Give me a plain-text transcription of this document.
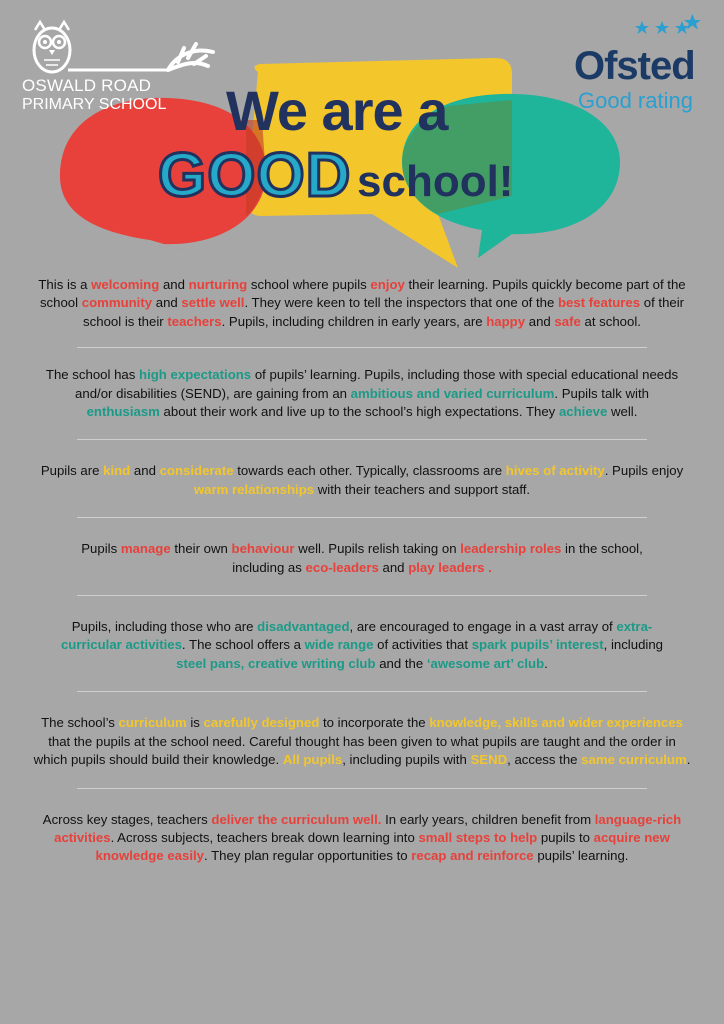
OSWALD ROAD
PRIMARY SCHOOL
Ofsted
Good rating
We are a
GOOD school!

This is a welcoming and nurturing school where pupils enjoy their learning. Pupils quickly become part of the school community and settle well. They were keen to tell the inspectors that one of the best features of their school is their teachers. Pupils, including children in early years, are happy and safe at school.

The school has high expectations of pupils’ learning. Pupils, including those with special educational needs and/or disabilities (SEND), are gaining from an ambitious and varied curriculum. Pupils talk with enthusiasm about their work and live up to the school’s high expectations. They achieve well.

Pupils are kind and considerate towards each other. Typically, classrooms are hives of activity. Pupils enjoy warm relationships with their teachers and support staff.

Pupils manage their own behaviour well. Pupils relish taking on leadership roles in the school, including as eco-leaders and play leaders .

Pupils, including those who are disadvantaged, are encouraged to engage in a vast array of extra-curricular activities. The school offers a wide range of activities that spark pupils’ interest, including steel pans, creative writing club and the ‘awesome art’ club.

The school’s curriculum is carefully designed to incorporate the knowledge, skills and wider experiences that the pupils at the school need. Careful thought has been given to what pupils are taught and the order in which pupils should build their knowledge. All pupils, including pupils with SEND, access the same curriculum.

Across key stages, teachers deliver the curriculum well. In early years, children benefit from language-rich activities. Across subjects, teachers break down learning into small steps to help pupils to acquire new knowledge easily. They plan regular opportunities to recap and reinforce pupils’ learning.
